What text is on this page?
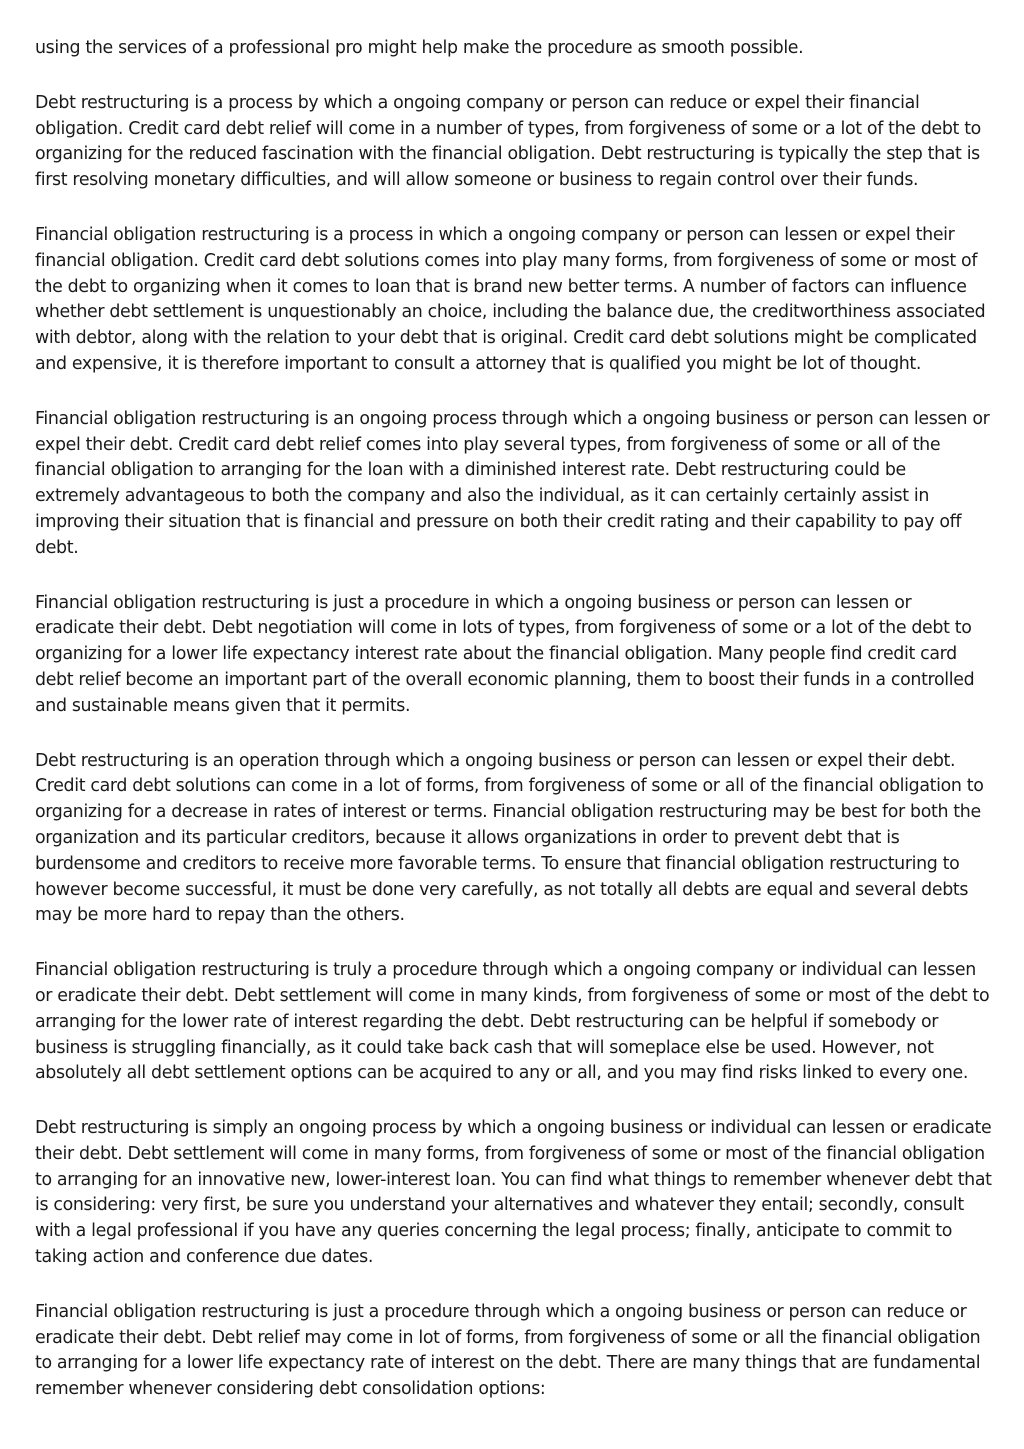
using the services of a professional pro might help make the procedure as smooth possible.

Debt restructuring is a process by which a ongoing company or person can reduce or expel their financial obligation. Credit card debt relief will come in a number of types, from forgiveness of some or a lot of the debt to organizing for the reduced fascination with the financial obligation. Debt restructuring is typically the step that is first resolving monetary difficulties, and will allow someone or business to regain control over their funds.

Financial obligation restructuring is a process in which a ongoing company or person can lessen or expel their financial obligation. Credit card debt solutions comes into play many forms, from forgiveness of some or most of the debt to organizing when it comes to loan that is brand new better terms. A number of factors can influence whether debt settlement is unquestionably an choice, including the balance due, the creditworthiness associated with debtor, along with the relation to your debt that is original. Credit card debt solutions might be complicated and expensive, it is therefore important to consult a attorney that is qualified you might be lot of thought.

Financial obligation restructuring is an ongoing process through which a ongoing business or person can lessen or expel their debt. Credit card debt relief comes into play several types, from forgiveness of some or all of the financial obligation to arranging for the loan with a diminished interest rate. Debt restructuring could be extremely advantageous to both the company and also the individual, as it can certainly certainly assist in improving their situation that is financial and pressure on both their credit rating and their capability to pay off debt.

Financial obligation restructuring is just a procedure in which a ongoing business or person can lessen or eradicate their debt. Debt negotiation will come in lots of types, from forgiveness of some or a lot of the debt to organizing for a lower life expectancy interest rate about the financial obligation. Many people find credit card debt relief become an important part of the overall economic planning, them to boost their funds in a controlled and sustainable means given that it permits.

Debt restructuring is an operation through which a ongoing business or person can lessen or expel their debt. Credit card debt solutions can come in a lot of forms, from forgiveness of some or all of the financial obligation to organizing for a decrease in rates of interest or terms. Financial obligation restructuring may be best for both the organization and its particular creditors, because it allows organizations in order to prevent debt that is burdensome and creditors to receive more favorable terms. To ensure that financial obligation restructuring to however become successful, it must be done very carefully, as not totally all debts are equal and several debts may be more hard to repay than the others.

Financial obligation restructuring is truly a procedure through which a ongoing company or individual can lessen or eradicate their debt. Debt settlement will come in many kinds, from forgiveness of some or most of the debt to arranging for the lower rate of interest regarding the debt. Debt restructuring can be helpful if somebody or business is struggling financially, as it could take back cash that will someplace else be used. However, not absolutely all debt settlement options can be acquired to any or all, and you may find risks linked to every one.

Debt restructuring is simply an ongoing process by which a ongoing business or individual can lessen or eradicate their debt. Debt settlement will come in many forms, from forgiveness of some or most of the financial obligation to arranging for an innovative new, lower-interest loan. You can find what things to remember whenever debt that is considering: very first, be sure you understand your alternatives and whatever they entail; secondly, consult with a legal professional if you have any queries concerning the legal process; finally, anticipate to commit to taking action and conference due dates.

Financial obligation restructuring is just a procedure through which a ongoing business or person can reduce or eradicate their debt. Debt relief may come in lot of forms, from forgiveness of some or all the financial obligation to arranging for a lower life expectancy rate of interest on the debt. There are many things that are fundamental remember whenever considering debt consolidation options:
